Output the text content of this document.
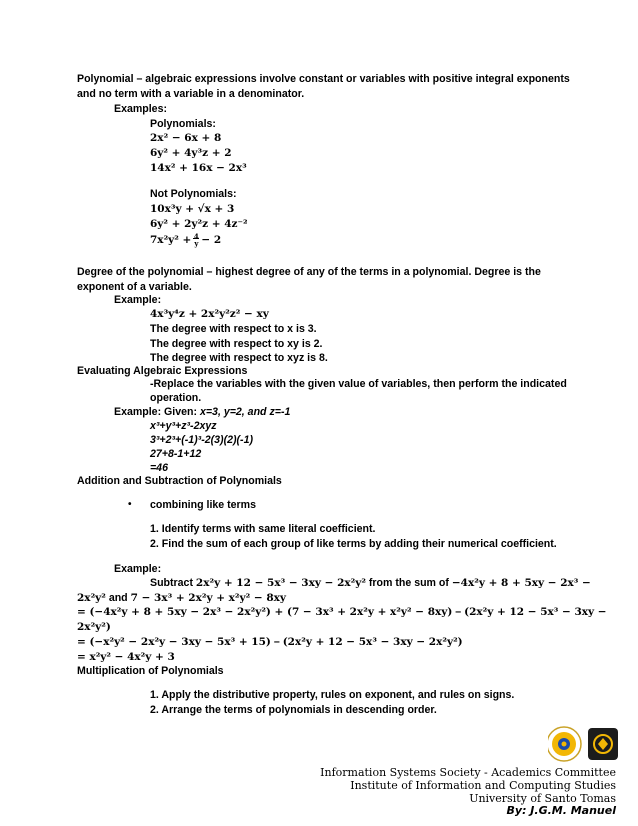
Polynomial – algebraic expressions involve constant or variables with positive integral exponents
and no term with a variable in a denominator.
Examples:
Polynomials:
2x² − 6x + 8
6y² + 4y³z + 2
14x² + 16x − 2x³
Not Polynomials:
10x³y + √x + 3
6y² + 2y²z + 4z⁻²
7x²y² + 4
y − 2
Degree of the polynomial – highest degree of any of the terms in a polynomial. Degree is the
exponent of a variable.
Example:
4x³y⁴z + 2x²y²z² − xy
The degree with respect to x is 3.
The degree with respect to xy is 2.
The degree with respect to xyz is 8.
Evaluating Algebraic Expressions
-Replace the variables with the given value of variables, then perform the indicated
operation.
Example: Given: x=3, y=2, and z=-1
x³+y³+z³-2xyz
3³+2³+(-1)³-2(3)(2)(-1)
27+8-1+12
=46
Addition and Subtraction of Polynomials
• combining like terms
1. Identify terms with same literal coefficient.
2. Find the sum of each group of like terms by adding their numerical coefficient.
Example:
Subtract 2x²y + 12 − 5x³ − 3xy − 2x²y² from the sum of −4x²y + 8 + 5xy − 2x³ −
2x²y² and 7 − 3x³ + 2x²y + x²y² − 8xy
= (−4x²y + 8 + 5xy − 2x³ − 2x²y²) + (7 − 3x³ + 2x²y + x²y² − 8xy) – (2x²y + 12 − 5x³ − 3xy −
2x²y²)
= (−x²y² − 2x²y − 3xy − 5x³ + 15) – (2x²y + 12 − 5x³ − 3xy − 2x²y²)
= x²y² − 4x²y + 3
Multiplication of Polynomials
1. Apply the distributive property, rules on exponent, and rules on signs.
2. Arrange the terms of polynomials in descending order.
Information Systems Society - Academics Committee
Institute of Information and Computing Studies
University of Santo Tomas
By: J.G.M. Manuel
